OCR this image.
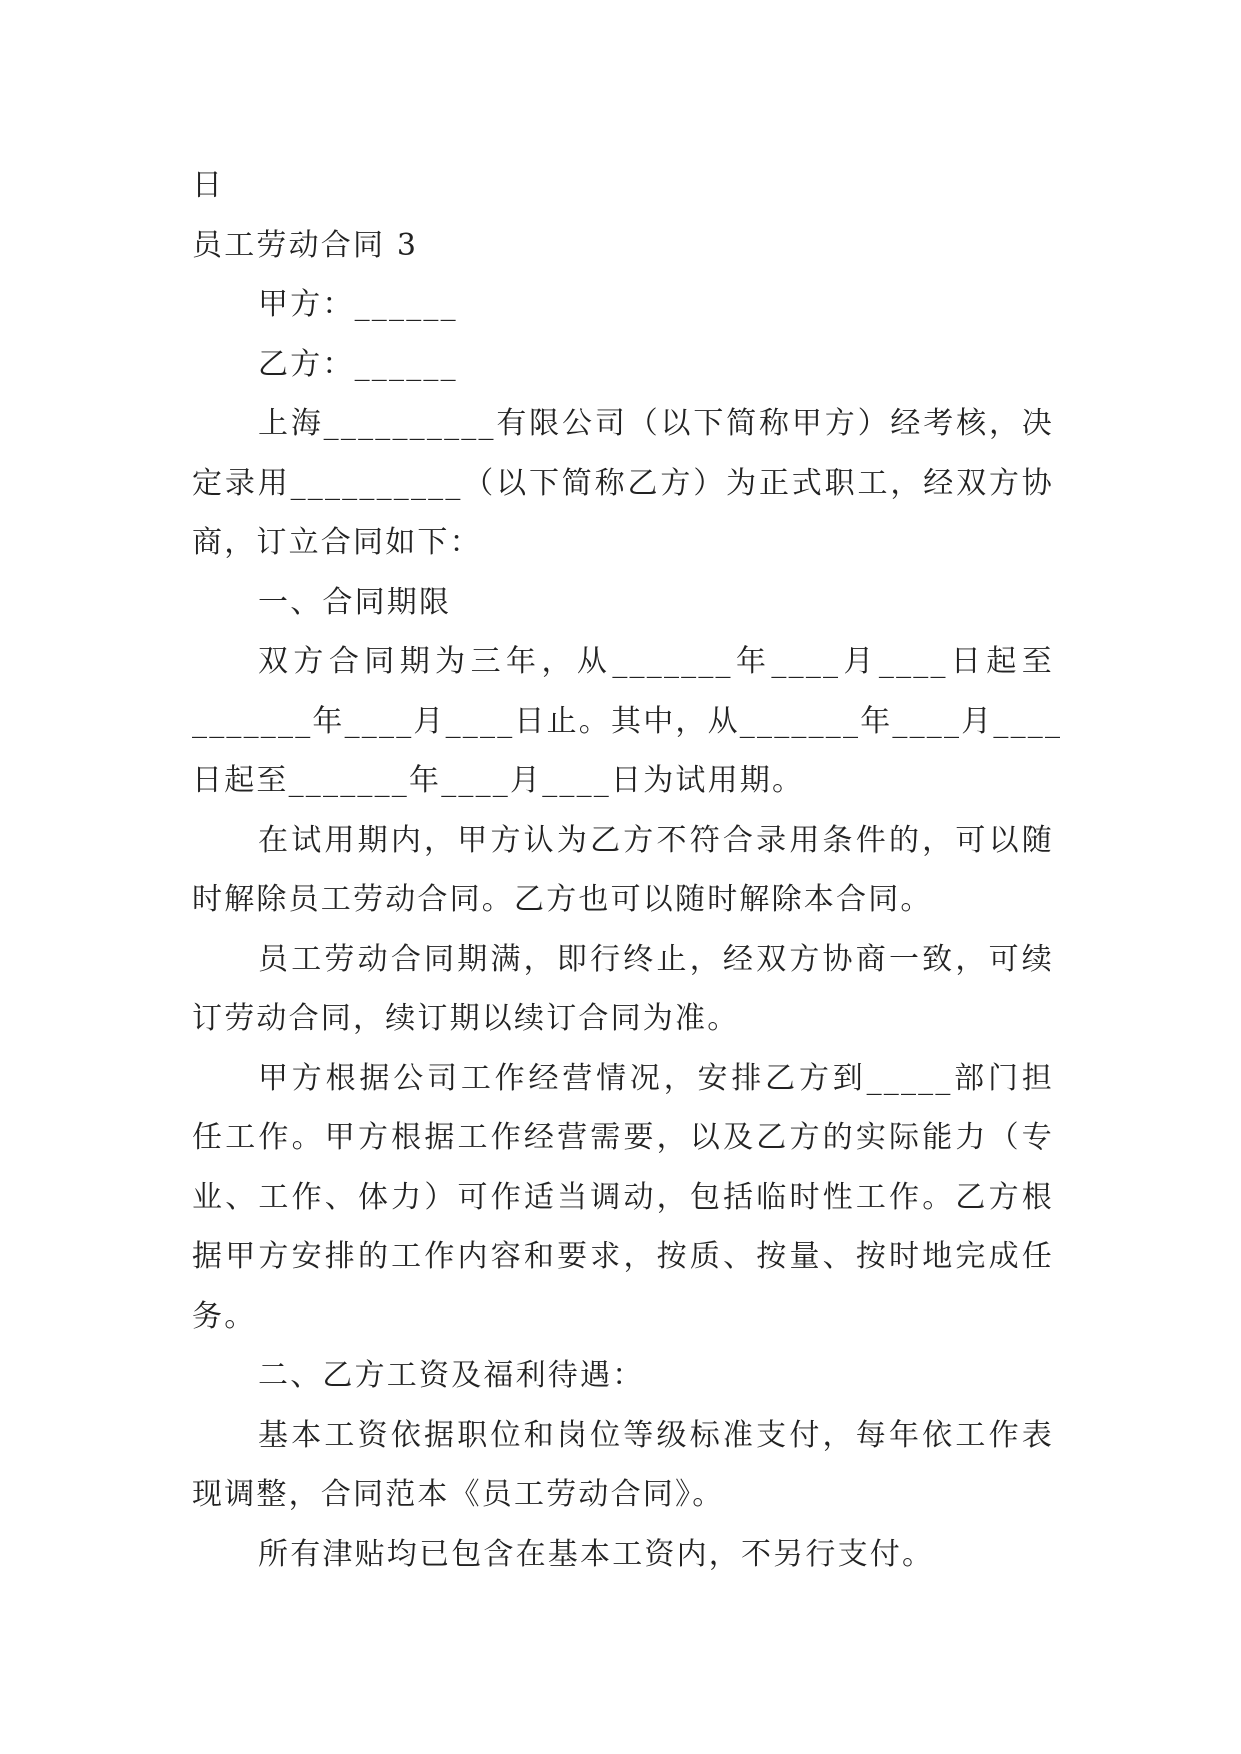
日
员工劳动合同 3
甲方：______
乙方：______
上海__________有限公司（以下简称甲方）经考核，决
定录用__________（以下简称乙方）为正式职工，经双方协
商，订立合同如下：
一、合同期限
双方合同期为三年，从_______年____月____日起至
_______年____月____日止。其中，从_______年____月____
日起至_______年____月____日为试用期。
在试用期内，甲方认为乙方不符合录用条件的，可以随
时解除员工劳动合同。乙方也可以随时解除本合同。
员工劳动合同期满，即行终止，经双方协商一致，可续
订劳动合同，续订期以续订合同为准。
甲方根据公司工作经营情况，安排乙方到_____部门担
任工作。甲方根据工作经营需要，以及乙方的实际能力（专
业、工作、体力）可作适当调动，包括临时性工作。乙方根
据甲方安排的工作内容和要求，按质、按量、按时地完成任
务。
二、乙方工资及福利待遇：
基本工资依据职位和岗位等级标准支付，每年依工作表
现调整，合同范本《员工劳动合同》。
所有津贴均已包含在基本工资内，不另行支付。
